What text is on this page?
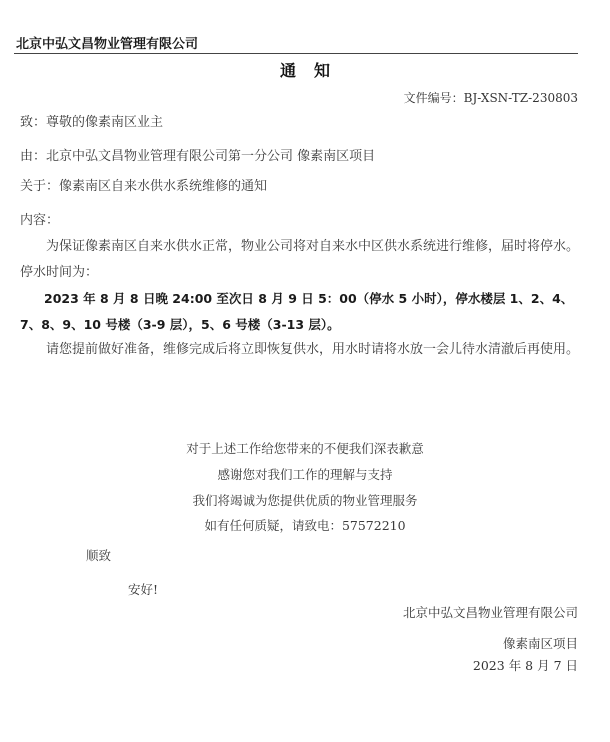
北京中弘文昌物业管理有限公司
通知
文件编号：BJ-XSN-TZ-230803
致：尊敬的像素南区业主
由：北京中弘文昌物业管理有限公司第一分公司 像素南区项目
关于：像素南区自来水供水系统维修的通知
内容：
为保证像素南区自来水供水正常，物业公司将对自来水中区供水系统进行维修，届时将停水。停水时间为：
2023 年 8 月 8 日晚 24:00 至次日 8 月 9 日 5：00（停水 5 小时），停水楼层 1、2、4、7、8、9、10 号楼（3-9 层），5、6 号楼（3-13 层）。
请您提前做好准备，维修完成后将立即恢复供水，用水时请将水放一会儿待水清澈后再使用。
对于上述工作给您带来的不便我们深表歉意
感谢您对我们工作的理解与支持
我们将竭诚为您提供优质的物业管理服务
如有任何质疑，请致电：57572210
顺致
安好!
北京中弘文昌物业管理有限公司
像素南区项目
2023 年 8 月 7 日
